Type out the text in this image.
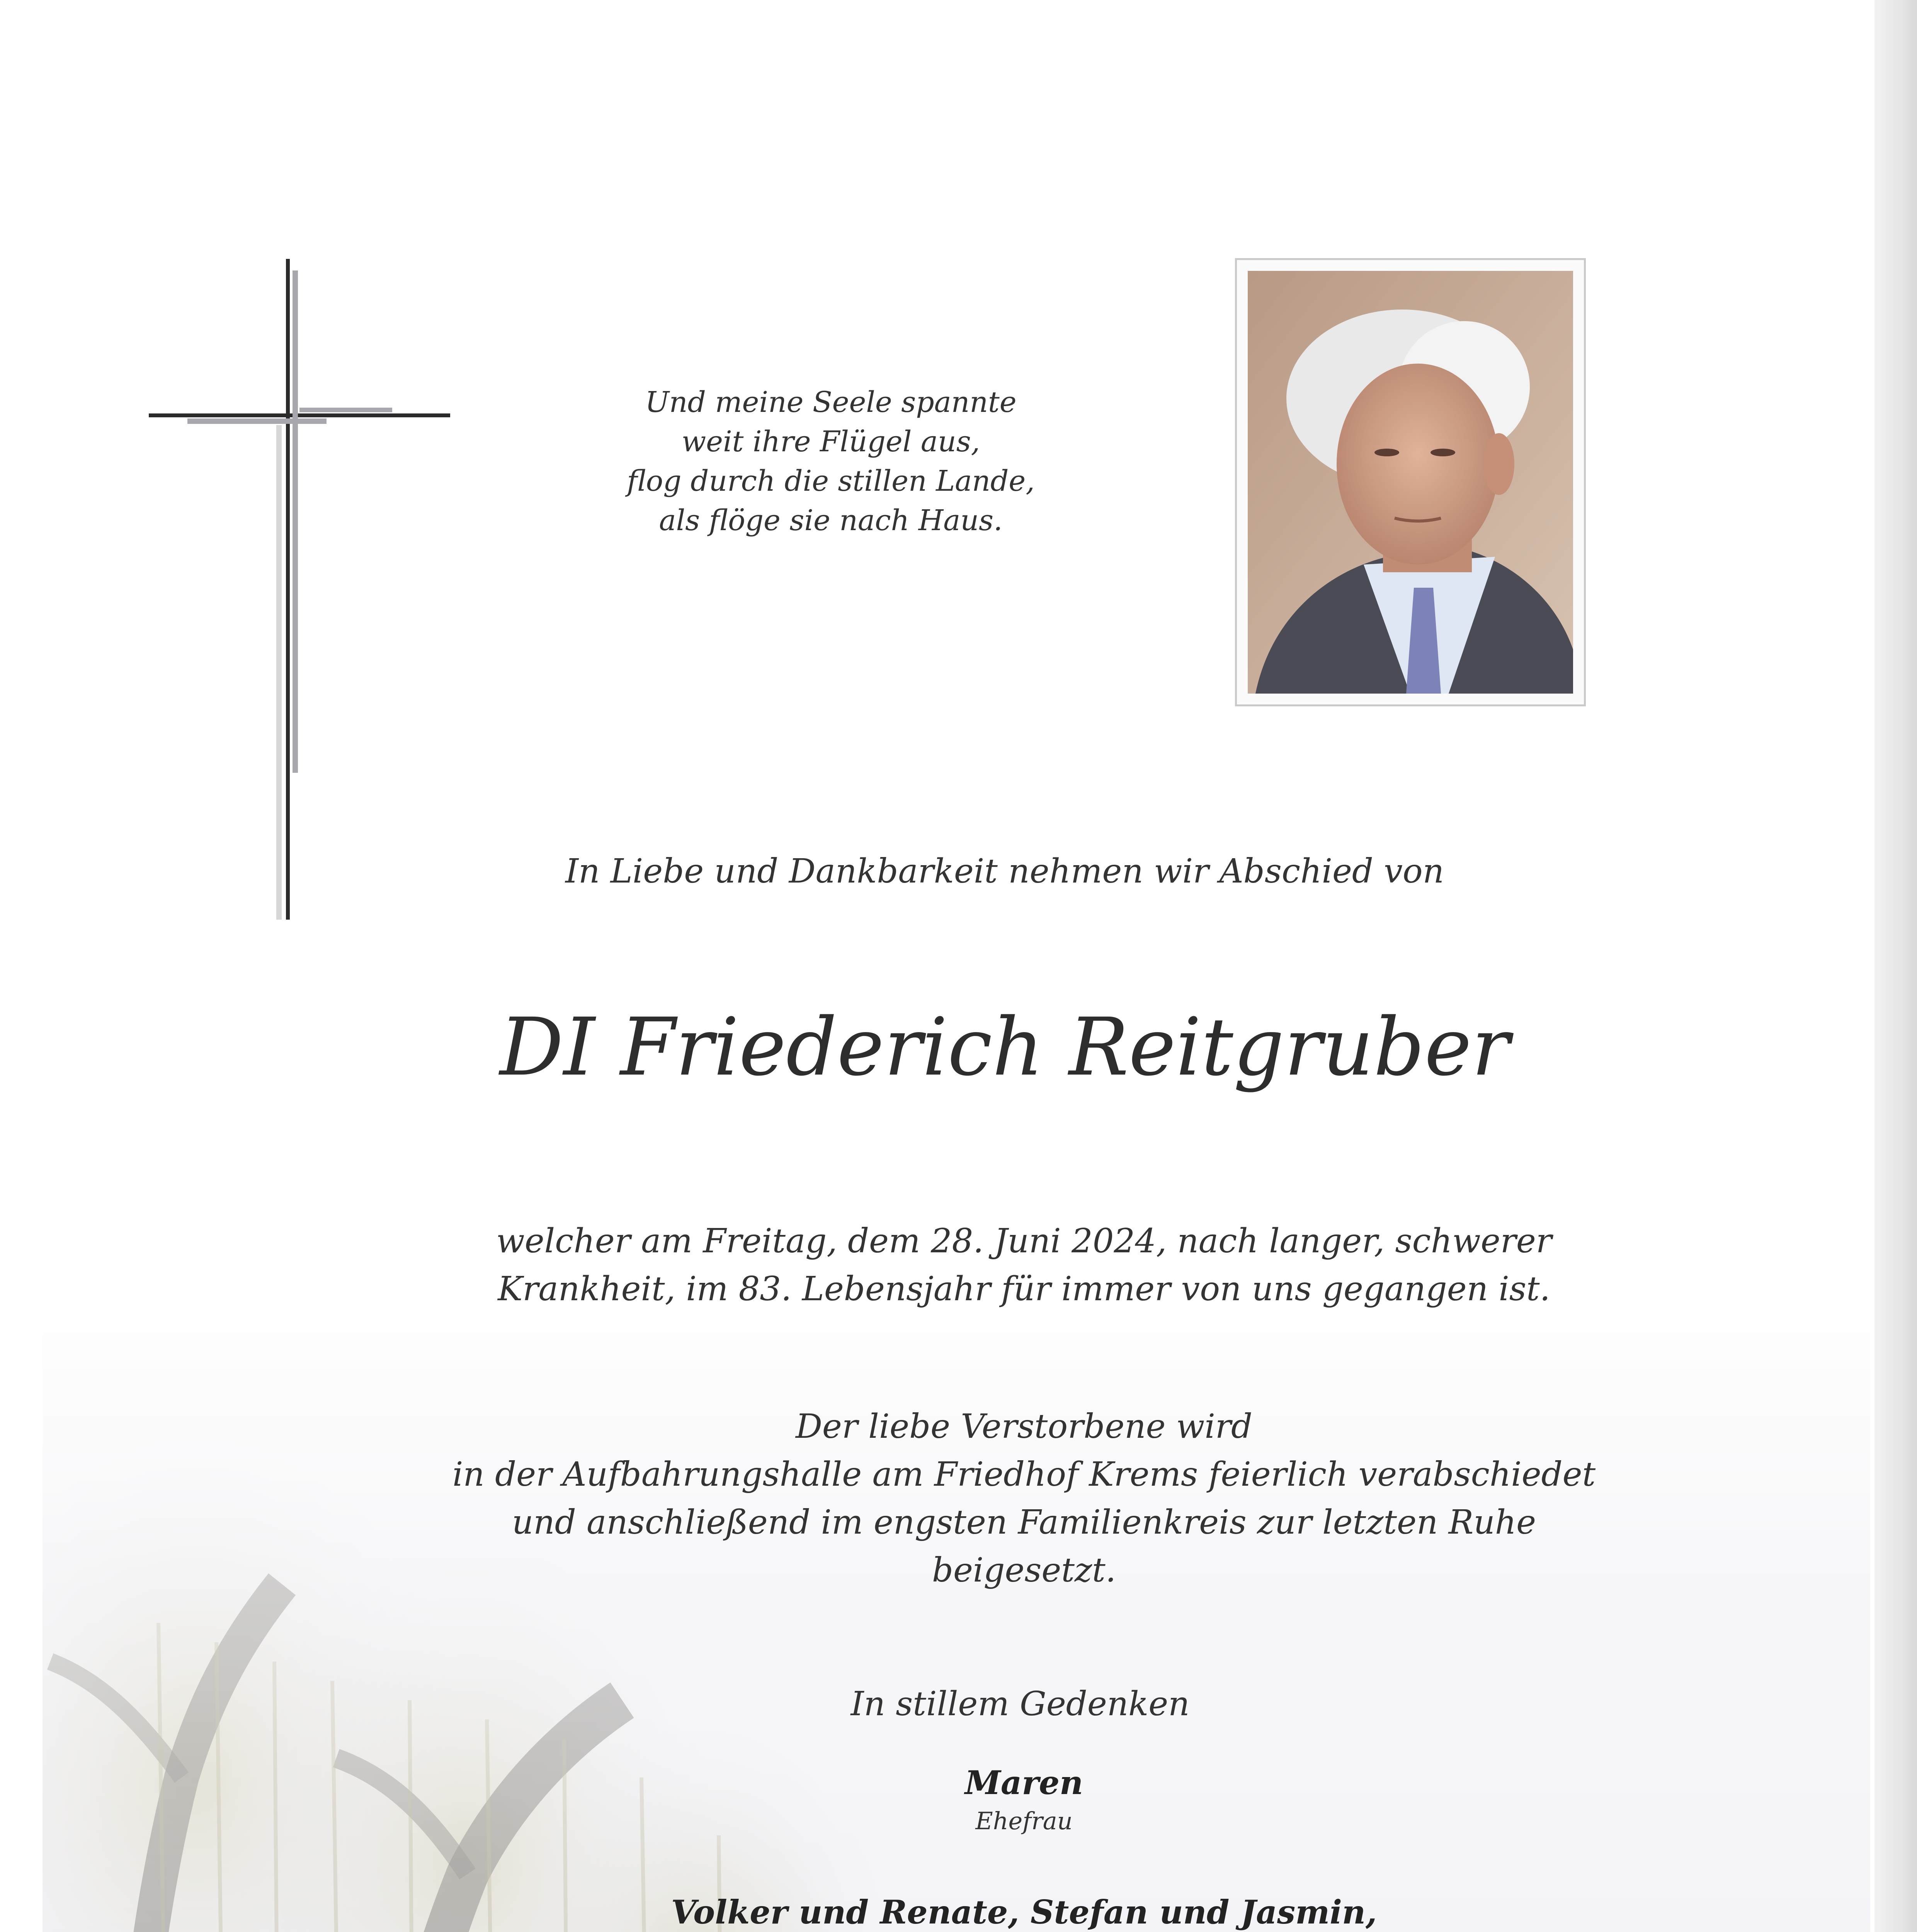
Und meine Seele spannte
weit ihre Flügel aus,
flog durch die stillen Lande,
als flöge sie nach Haus.
In Liebe und Dankbarkeit nehmen wir Abschied von
DI Friederich Reitgruber
welcher am Freitag, dem 28. Juni 2024, nach langer, schwerer
Krankheit, im 83. Lebensjahr für immer von uns gegangen ist.
Der liebe Verstorbene wird
in der Aufbahrungshalle am Friedhof Krems feierlich verabschiedet
und anschließend im engsten Familienkreis zur letzten Ruhe
beigesetzt.
In stillem Gedenken
Maren
Ehefrau
Volker und Renate, Stefan und Jasmin,
